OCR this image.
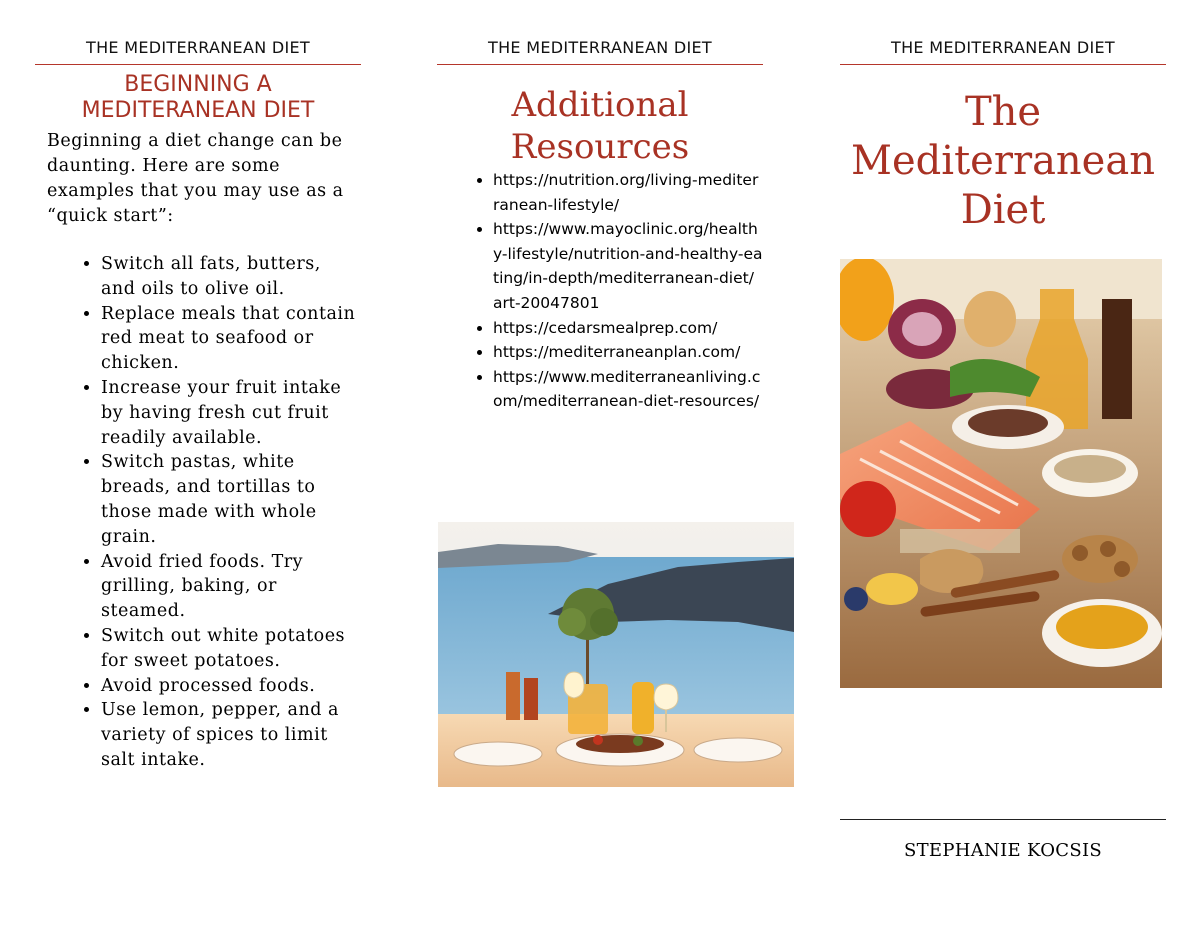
THE MEDITERRANEAN DIET
BEGINNING A MEDITERANEAN DIET

Beginning a diet change can be daunting. Here are some examples that you may use as a “quick start”:

• Switch all fats, butters, and oils to olive oil.
• Replace meals that contain red meat to seafood or chicken.
• Increase your fruit intake by having fresh cut fruit readily available.
• Switch pastas, white breads, and tortillas to those made with whole grain.
• Avoid fried foods. Try grilling, baking, or steamed.
• Switch out white potatoes for sweet potatoes.
• Avoid processed foods.
• Use lemon, pepper, and a variety of spices to limit salt intake.
THE MEDITERRANEAN DIET
Additional Resources
• https://nutrition.org/living-mediterranean-lifestyle/
• https://www.mayoclinic.org/healthy-lifestyle/nutrition-and-healthy-eating/in-depth/mediterranean-diet/art-20047801
• https://cedarsmealprep.com/
• https://mediterraneanplan.com/
• https://www.mediterraneanliving.com/mediterranean-diet-resources/
THE MEDITERRANEAN DIET
The Mediterranean Diet
STEPHANIE KOCSIS
